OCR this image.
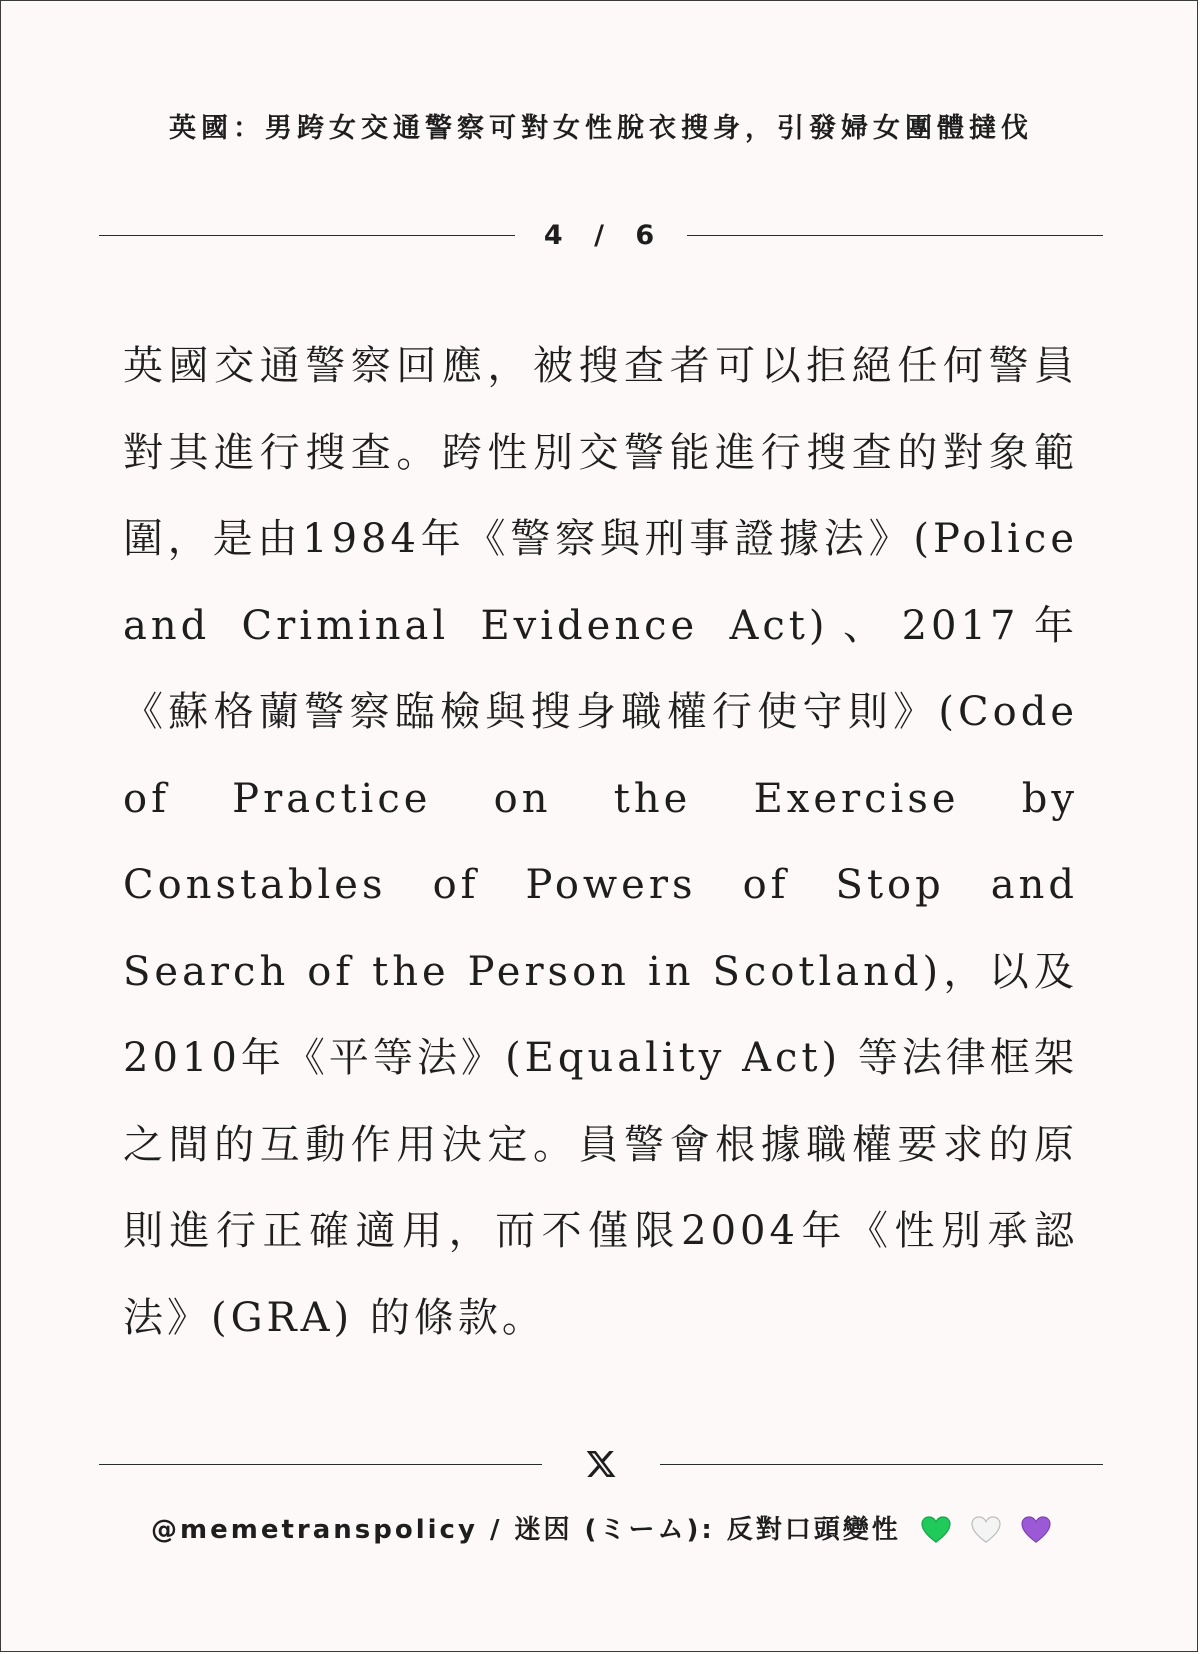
英國：男跨女交通警察可對女性脫衣搜身，引發婦女團體撻伐
4 / 6
英國交通警察回應，被搜查者可以拒絕任何警員對其進行搜查。跨性別交警能進行搜查的對象範圍，是由1984年《警察與刑事證據法》(Police and Criminal Evidence Act)、2017年《蘇格蘭警察臨檢與搜身職權行使守則》(Code of Practice on the Exercise by Constables of Powers of Stop and Search of the Person in Scotland)，以及2010年《平等法》(Equality Act) 等法律框架之間的互動作用決定。員警會根據職權要求的原則進行正確適用，而不僅限2004年《性別承認法》(GRA) 的條款。
@memetranspolicy / 迷因 (ミーム): 反對口頭變性
